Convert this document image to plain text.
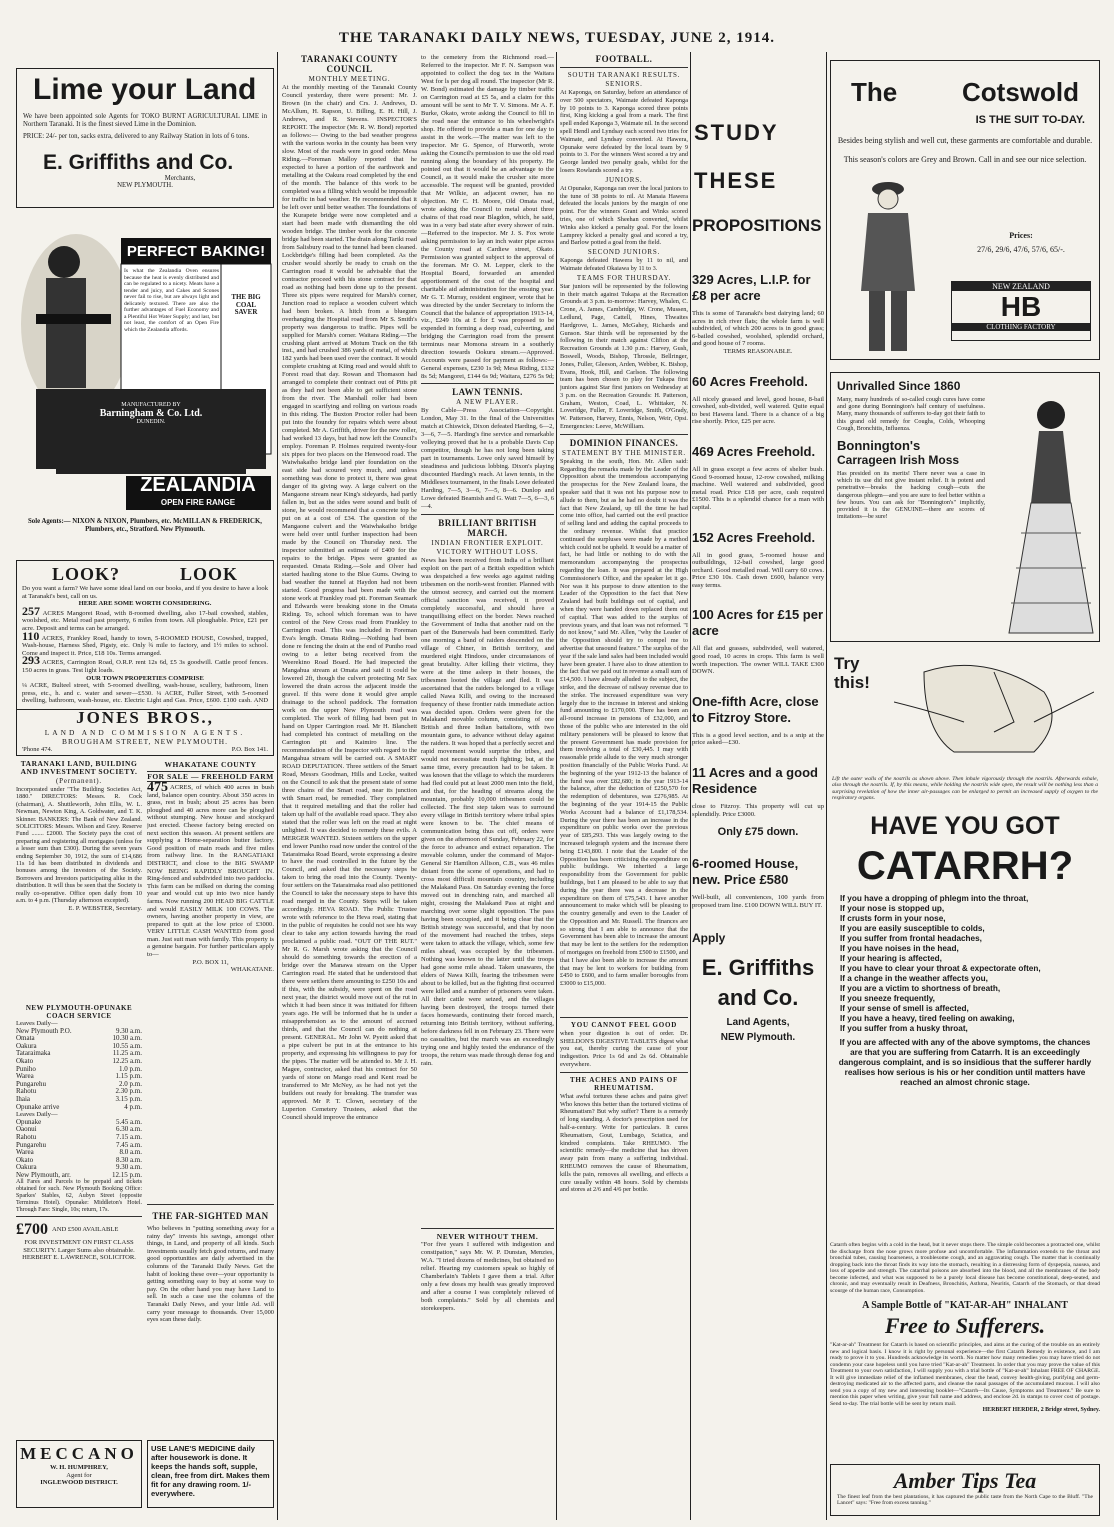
THE TARANAKI DAILY NEWS, TUESDAY, JUNE 2, 1914.
Lime your Land
We have been appointed sole Agents for TOKO BURNT AGRICULTURAL LIME in Northern Taranaki. It is the finest sieved Lime in the Dominion.
PRICE: 24/- per ton, sacks extra, delivered to any Railway Station in lots of 6 tons.
E. Griffiths and Co.
Merchants,
NEW PLYMOUTH.
PERFECT BAKING!
Is what the Zealandia Oven ensures because the heat is evenly distributed and can be regulated to a nicety. Meats have a tender and juicy, and Cakes and Scones never fail to rise, but are always light and delicately textured. There are also the further advantages of Fuel Economy and a Plentiful Hot Water Supply; and last, but not least, the comfort of an Open Fire which the Zealandia affords.
THE BIG COAL SAVER
MANUFACTURED BY
Barningham & Co. Ltd.
DUNEDIN.
ZEALANDIA
OPEN FIRE RANGE
Sole Agents:— NIXON & NIXON, Plumbers, etc. McMILLAN & FREDERICK, Plumbers, etc., Stratford. New Plymouth.
LOOK?	LOOK
Do you want a farm? We have some ideal land on our books, and if you desire to have a look at Taranaki's best, call on us.
HERE ARE SOME WORTH CONSIDERING.
257 ACRES Mangorei Road, with 8-roomed dwelling, also 17-bail cowshed, stables, woolshed, etc. Metal road past property, 6 miles from town. All ploughable. Price, £21 per acre. Deposit and terms can be arranged.
110 ACRES, Frankley Road, handy to town, 5-ROOMED HOUSE, Cowshed, trapped, Wash-house, Harness Shed, Pigsty, etc. Only ¾ mile to factory, and 1½ miles to school. Come and inspect it. Price, £18 10s. Terms arranged.
293 ACRES, Carrington Road, O.R.P. rent 12s 6d, £5 3s goodwill. Cattle proof fences. 150 acres in grass. Test light loads.
OUR TOWN PROPERTIES COMPRISE
¼ ACRE, Bulteel street, with 5-roomed dwelling, wash-house, scullery, bathroom, linen press, etc., h. and c. water and sewer—£530. ¼ ACRE, Fuller Street, with 5-roomed dwelling, bathroom, wash-house, etc. Electric Light and Gas. Price, £600. £100 cash. AND
JONES BROS.,
LAND AND COMMISSION AGENTS.
BROUGHAM STREET, NEW PLYMOUTH.
'Phone 474.	P.O. Box 141.
TARANAKI LAND, BUILDING AND INVESTMENT SOCIETY.
(Permanent).
Incorporated under "The Building Societies Act, 1880." DIRECTORS: Messrs. R. Cock (chairman), A. Shuttleworth, John Ellis, W. L. Newman, Newton King, A. Goldwater, and T. K. Skinner. BANKERS: The Bank of New Zealand. SOLICITORS: Messrs. Wilson and Grey. Reserve Fund ........ £2000. The Society pays the cost of preparing and registering all mortgages (unless for a lesser sum than £300). During the seven years ending September 30, 1912, the sum of £14,686 11s 1d has been distributed in dividends and bonuses among the investors of the Society. Borrowers and Investors participating alike in the distribution. It will thus be seen that the Society is really co-operative. Office open daily from 10 a.m. to 4 p.m. (Thursday afternoon excepted).
E. P. WEBSTER, Secretary.
NEW PLYMOUTH-OPUNAKE COACH SERVICE
Leaves Daily—
New Plymouth P.O.	9.30 a.m.
Omata	10.30 a.m.
Oakura	10.55 a.m.
Tataraimaka	11.25 a.m.
Okato	12.25 a.m.
Puniho	1.0 p.m.
Warea	1.15 p.m.
Pungarehu	2.0 p.m.
Rahotu	2.30 p.m.
Ihaia	3.15 p.m.
Opunake arrive	4 p.m.
Leaves Daily—
Opunake	5.45 a.m.
Oaonui	6.30 a.m.
Rahotu	7.15 a.m.
Pungarehu	7.45 a.m.
Warea	8.0 a.m.
Okato	8.30 a.m.
Oakura	9.30 a.m.
New Plymouth, arr.	12.15 p.m.
All Fares and Parcels to be prepaid and tickets obtained for such. New Plymouth Booking Office: Sparkes' Stables, 62, Aubyn Street (opposite Terminus Hotel). Opunake: Middleton's Hotel. Through Fare: Single, 10s; return, 17s.
£700 AND £500 AVAILABLE
FOR INVESTMENT ON FIRST CLASS SECURITY. Larger Sums also obtainable. HERBERT E. LAWRENCE, SOLICITOR.
MECCANO
W. H. HUMPHREY,
Agent for
INGLEWOOD DISTRICT.
WHAKATANE COUNTY
FOR SALE — FREEHOLD FARM
475 ACRES, of which 400 acres in bush land, balance open country. About 350 acres in grass, rest in bush; about 25 acres has been ploughed and 40 acres more can be ploughed without stumping. New house and stockyard just erected. Cheese factory being erected on next section this season. At present settlers are supplying a Home-separation butter factory. Good position of main roads and five miles from railway line. In the RANGATIAKI DISTRICT, and close to the BIG SWAMP NOW BEING RAPIDLY BROUGHT IN. Ring-fenced and subdivided into two paddocks. This farm can be milked on during the coming year and would cut up into two nice handy farms. Now running 200 HEAD BIG CATTLE and would EASILY MILK 100 COWS. The owners, having another property in view, are prepared to quit at the low price of £3000. VERY LITTLE CASH WANTED from good man. Just suit man with family. This property is a genuine bargain. For further particulars apply to—
P.O. BOX 11,
WHAKATANE.
THE FAR-SIGHTED MAN
Who believes in "putting something away for a rainy day" invests his savings, amongst other things, in Land, and property of all kinds. Such investments usually fetch good returns, and many good opportunities are daily advertised in the columns of the Taranaki Daily News. Get the habit of looking these over—your opportunity is getting something easy to buy at some way to pay. On the other hand you may have Land to sell. In such a case use the columns of the Taranaki Daily News, and your little Ad. will carry your message to thousands. Over 15,000 eyes scan these daily.
USE LANE'S MEDICINE daily after housework is done. It keeps the hands soft, supple, clean, free from dirt. Makes them fit for any drawing room. 1/- everywhere.
TARANAKI COUNTY COUNCIL
MONTHLY MEETING.
At the monthly meeting of the Taranaki County Council yesterday, there were present: Mr. J. Brown (in the chair) and Crs. J. Andrews, D. McAllum, H. Rapson, U. Billing, E. H. Hill, J. Andrews, and R. Stevens. INSPECTOR'S REPORT. The inspector (Mr. R. W. Bond) reported as follows:— Owing to the bad weather progress with the various works in the county has been very slow. Most of the roads were in good order. Mesa Riding.—Foreman Malloy reported that he expected to have a portion of the earthwork and metalling at the Oakura road completed by the end of the month. The balance of this work to be completed was a filling which would be impossible for traffic in bad weather. He recommended that it be left over until better weather. The foundations of the Kurapete bridge were now completed and a start had been made with dismantling the old wooden bridge. The timber work for the concrete bridge had been started. The drain along Tariki road from Salisbury road to the tunnel had been cleaned. Lockbridge's filling had been completed. As the crusher would shortly be ready to crush on the Carrington road it would be advisable that the contractor proceed with his stone contract for that road as nothing had been done up to the present. Three six pipes were required for Marsh's corner, Junction road to replace a wooden culvert which had been broken. A hitch from a bluegum overhanging the Hospital road from Mr S. Smith's property was dangerous to traffic. Pipes will be supplied for Marsh's corner. Waitara Riding.—The crushing plant arrived at Motum Track on the 6th inst., and had crushed 386 yards of metal, of which 182 yards had been used over the contract. It would complete crushing at Kiing road and would shift to Forest road that day. Rowan and Thomason had arranged to complete their contract out of Pitts pit as they had not been able to get sufficient stone from the river. The Marshall roller had been engaged in scarifying and rolling on various roads in this riding. The Buxton Proctor roller had been put into the foundry for repairs which were about completed. Mr A. Griffith, driver for the new roller, had worked 13 days, but had now left the Council's employ. Foreman P. Holmes required twenty-four six pipes for two places on the Henwood road. The Waiwhakaiho bridge land pier foundation on the east side had scoured very much, and unless something was done to protect it, there was great danger of its giving way. A large culvert on the Mangaone stream near King's sideyards, had partly fallen in, but as the sides were sound and built of stone, he would recommend that a concrete top be put on at a cost of £34. The question of the Mangaone culvert and the Waiwhakaiho bridge were held over until further inspection had been made by the Council on Thursday next. The inspector submitted an estimate of £400 for the repairs to the bridge. Pipes were granted as requested. Omata Riding.—Sole and Olver had started hauling stone to the Blue Gums. Owing to bad weather the tunnel at Haydon had not been started. Good progress had been made with the stone work at Frankley road pit. Foreman Seamark and Edwards were breaking stone in the Omata Riding. To, school which foreman was to have control of the New Cross road from Frankley to Carrington road. This was included in Foreman Eva's length. Omata Riding.—Nothing had been done re fencing the drain at the end of Puniho road owing to a letter being received from the Weerekino Road Board. He had inspected the Mangahua stream at Omata and said it could be lowered 2ft, though the culvert protecting Mr Sax lowered the drain across the adjacent inside the gravel. If this were done it would give ample drainage to the school paddock. The formation work on the upper New Plymouth road was completed. The work of filling had been put in hand on Upper Carrington road. Mr H. Blanchett had completed his contract of metalling on the Carrington pit and Kaimiro line. The recommendation of the Inspector with regard to the Mangahua stream will be carried out. A SMART ROAD DEPUTATION. Three settlers of the Smart Road, Messrs Goodman, Hills and Locke, waited on the Council to ask that the present state of some three chains of the Smart road, near its junction with Smart road, be remedied. They complained that it required metalling and that the roller had taken up half of the available road space. They also stated that the roller was left on the road at night unlighted. It was decided to remedy these evils. A MERGER WANTED. Sixteen settlers on the upper end lower Puniho road now under the control of the Tataraimaka Road Board, wrote expressing a desire to have the road controlled in the future by the Council, and asked that the necessary steps be taken to bring the road into the County. Twenty-four settlers on the Tataraimaka road also petitioned the Council to take the necessary steps to have this road merged in the County. Steps will be taken accordingly. HEVA ROAD. The Public Trustee wrote with reference to the Heva road, stating that in the public of requisites he could not see his way clear to take any action towards having the road proclaimed a public road. "OUT OF THE RUT." Mr R. G. Marsh wrote asking that the Council should do something towards the erection of a bridge over the Manawa stream on the Upper Carrington road. He stated that he understood that there were settlers there amounting to £250 10s and if this, with the subsidy, were spent on the road next year, the district would move out of the rut in which it had been since it was initiated for fifteen years ago. He will be informed that he is under a misapprehension as to the amount of accrued thirds, and that the Council can do nothing at present. GENERAL. Mr John W. Pyeitt asked that a pipe culvert be put in at the entrance to his property, and expressing his willingness to pay for the pipes. The matter will be attended to. Mr J. H. Magee, contractor, asked that his contract for 50 yards of stone on Mango road and Kent road be transferred to Mr McNey, as he had not yet the builders out ready for breaking. The transfer was approved. Mr P. T. Clown, secretary of the Luperton Cemetery Trustees, asked that the Council should improve the entrance
to the cemetery from the Richmond road.—Referred to the inspector. Mr F. N. Sampson was appointed to collect the dog tax in the Waitara West for ls per dog all round. The inspector (Mr R. W. Bond) estimated the damage by timber traffic on Carrington road at £5 5s, and a claim for this amount will be sent to Mr T. V. Simons. Mr A. F. Burke, Okato, wrote asking the Council to fill in the road near the entrance to his wheelwright's shop. He offered to provide a man for one day to assist in the work.—The matter was left to the inspector. Mr G. Spence, of Hurworth, wrote asking the Council's permission to use the old road running along the boundary of his property. He pointed out that it would be an advantage to the Council, as it would make the crusher site more accessible. The request will be granted, provided that Mr Wilkie, an adjacent owner, has no objection. Mr C. H. Moore, Old Omata road, wrote asking the Council to metal about three chains of that road near Blagdon, which, he said, was in a very bad state after every shower of rain.—Referred to the inspector. Mr J. S. Fox wrote asking permission to lay an inch water pipe across the County road at Cardiew street, Okato. Permission was granted subject to the approval of the foreman. Mr O. M. Lepper, clerk to the Hospital Board, forwarded an amended apportionment of the cost of the hospital and charitable aid administration for the ensuing year. Mr G. T. Murray, resident engineer, wrote that he was directed by the under Secretary to inform the Council that the balance of appropriation 1913-14, viz., £249 10s at £ for £ was proposed to be expended in forming a deep road, culverting, and bridging the Carrington road from the present terminus near Momona stream in a southerly direction towards Ookuru stream.—Approved. Accounts were passed for payment as follows:—General expenses, £230 1s 9d; Mesa Riding, £132 8s 5d; Mangorei, £144 6s 9d; Waitara, £276 5s 9d;
LAWN TENNIS.
A NEW PLAYER.
By Cable—Press Association—Copyright. London, May 31. In the final of the Universities match at Chiswick, Dixon defeated Harding, 6—2, 3—6, 7—5. Harding's fine service and remarkable volleying proved that he is a probable Davis Cup competitor, though he has not long been taking part in tournaments. Lowe only saved himself by steadiness and judicious lobbing. Dixon's playing discounted Harding's reach. At lawn tennis, in the Middlesex tournament, in the finals Lowe defeated Harding, 7—5, 3—6, 7—5, 8—6. Dunlop and Lowe defeated Beamish and G. Watt 7—5, 6—3, 6—4.
BRILLIANT BRITISH MARCH.
INDIAN FRONTIER EXPLOIT.
VICTORY WITHOUT LOSS.
News has been received from India of a brilliant exploit on the part of a British expedition which was despatched a few weeks ago against raiding tribesmen on the north-west frontier. Planned with the utmost secrecy, and carried out the moment official sanction was received, it proved completely successful, and should have a tranquillising effect on the border. News reached the Government of India that another raid on the part of the Bunerwals had been committed. Early one morning a band of raiders descended on the village of Chiner, in British territory, and murdered eight Hindoos, under circumstances of great brutality. After killing their victims, they were at the time asleep in their houses, the tribesmen looted the village and fled. It was ascertained that the raiders belonged to a village called Nawa Killi, and owing to the increased frequency of these frontier raids immediate action was decided upon. Orders were given for the Malakand movable column, consisting of one British and three Indian battalions, with two mountain guns, to advance without delay against the raiders. It was hoped that a perfectly secret and rapid movement would surprise the tribes, and would not necessitate much fighting; but, at the same time, every precaution had to be taken. It was known that the village to which the murderers had fled could put at least 2000 men into the field, and that, for the heading of streams along the mountain, probably 10,000 tribesmen could be collected. The first step taken was to surround every village in British territory where tribal spies were known to be. The chief means of communication being thus cut off, orders were given on the afternoon of Sunday, February 22, for the force to advance and extract reparation. The movable column, under the command of Major-General Sir Hamilton Allison, C.B., was 46 miles distant from the scene of operations, and had to cross most difficult mountain country, including the Malakand Pass. On Saturday evening the force moved out in drenching rain, and marched all night, crossing the Malakand Pass at night and marching over some slight opposition. The pass having been occupied, and it being clear that the British strategy was successful, and that by noon of the movement had reached the tribes, steps were taken to attack the village, which, some few miles ahead, was occupied by the tribesmen. Nothing was known to the latter until the troops had gone some mile ahead. Taken unawares, the elders of Nawa Killi, fearing the tribesmen were about to be killed, but as the fighting first occurred were killed and a number of prisoners were taken. All their cattle were seized, and the villages having been destroyed, the troops turned their faces homewards, continuing their forced march, returning into British territory, without suffering, before darkness fell in on February 23. There were no casualties, but the march was an exceedingly trying one and highly tested the endurance of the troops, the return was made through dense fog and rain.
NEVER WITHOUT THEM.
"For five years I suffered with indigestion and constipation," says Mr. W. P. Dunstan, Menzies, W.A. "I tried dozens of medicines, but obtained no relief. Hearing my customers speak so highly of Chamberlain's Tablets I gave them a trial. After only a few doses my health was greatly improved and after a course I was completely relieved of both complaints." Sold by all chemists and storekeepers.
FOOTBALL.
SOUTH TARANAKI RESULTS.
SENIORS.
At Kaponga, on Saturday, before an attendance of over 500 spectators, Waimate defeated Kaponga by 10 points to 3. Kaponga scored three points first, King kicking a goal from a mark. The first spell ended Kaponga 3, Waimate nil. In the second spell Hendl and Lyndsay each scored two tries for Waimate, and Lyndsay converted. At Hawera, Opunake were defeated by the local team by 9 points to 3. For the winners West scored a try and George landed two penalty goals, whilst for the losers Rowlands scored a try.
JUNIORS.
At Opunake, Kaponga ran over the local juniors to the tune of 38 points to nil. At Manaia Hawera defeated the locals juniors by the margin of one point. For the winners Grant and Winks scored tries, one of which Sheehan converted, whilst Winks also kicked a penalty goal. For the losers Lamprey kicked a penalty goal and scored a try, and Barlow potted a goal from the field.
SECOND JUNIORS.
Kaponga defeated Hawera by 11 to nil, and Waimate defeated Okaiawa by 11 to 3.
TEAMS FOR THURSDAY.
Star juniors will be represented by the following in their match against Tukapa at the Recreation Grounds at 3 p.m. to-morrow: Harvey, Whalen, C. Crone, A. James, Cambridge, W. Crone, Mussen, Ledlund, Page, Cattell, Hines, Thwaites Hardgrove, L. James, McGahey, Richards and Gunson. Star thirds will be represented by the following in their match against Clifton at the Recreation Grounds at 1.30 p.m.: Harvey, Gush, Boswell, Woods, Bishop, Throssle, Bellringer, Jones, Fuller, Gleeson, Arden, Webber, K. Bishop, Evans, Hook, Hill, and Carlson. The following team has been chosen to play for Tukapa first juniors against Star first juniors on Wednesday at 3 p.m. on the Recreation Grounds: H. Patterson, Graham, Weston, Coad, L. Whittaker, N. Loveridge, Fuller, F. Loveridge, Smith, O'Grady, W. Patterson, Harvey, Ennis, Nelson, Weir, Opsi. Emergencies: Leeve, McWilliam.
DOMINION FINANCES.
STATEMENT BY THE MINISTER.
Speaking in the south, Hon. Mr. Allen said: Regarding the remarks made by the Leader of the Opposition about the tremendous accompanying the prospectus for the New Zealand loans, the speaker said that it was not his purpose now to allude to them, but as he had no doubt it was the fact that New Zealand, up till the time he had come into office, had carried out the evil practice of selling land and adding the capital proceeds to the ordinary revenue. Whilst that practice continued the surpluses were made by a method which could not be upheld. It would be a matter of fact, he had little or nothing to do with the memorandum accompanying the prospectus regarding the loan. It was prepared at the High Commissioner's Office, and the speaker let it go. Nor was it his purpose to draw attention to the Leader of the Opposition to the fact that New Zealand had built buildings out of capital, and when they were handed down replaced them out of capital. That was added to the surplus of previous years, and that loan was not reformed. "I do not know," said Mr. Allen, "why the Leader of the Opposition should try to compel me to advertise that unsound feature." The surplus of the year if the sale land sales had been included would have been greater. I have also to draw attention to the fact that we paid out in revenue a small sum of £14,500. I have already alluded to the subject, the strike, and the decrease of railway revenue due to the strike. The increased expenditure was very largely due to the increase in interest and sinking fund amounting to £170,000. There has been an all-round increase in pensions of £32,000, and those of the public who are interested in the old military pensioners will be pleased to know that the present Government has made provision for them involving a total of £30,445. I may with reasonable pride allude to the very much stronger position financially of the Public Works Fund. At the beginning of the year 1912-13 the balance of the fund was over £82,680; in the year 1913-14 the balance, after the deduction of £250,570 for the redemption of debentures, was £276,985. At the beginning of the year 1914-15 the Public Works Account had a balance of £1,178,534. During the year there has been an increase in the expenditure on public works over the previous year of £85,293. This was largely owing to the increased telegraph system and the increase there being £143,800. I note that the Leader of the Opposition has been criticising the expenditure on public buildings. We inherited a large responsibility from the Government for public buildings, but I am pleased to be able to say that during the year there was a decrease in the expenditure on them of £75,543. I have another announcement to make which will be pleasing to the country generally and even to the Leader of the Opposition and Mr. Russell. The finances are so strong that I am able to announce that the Government has been able to increase the amount that may be lent to the settlers for the redemption of mortgages on freehold from £500 to £1500, and that I have also been able to increase the amount that may be lent to workers for building from £450 to £600, and to farm smaller boroughs from £3000 to £15,000.
YOU CANNOT FEEL GOOD
when your digestion is out of order. Dr. SHELDON'S DIGESTIVE TABLETS digest what you eat, thereby curing the cause of your indigestion. Price 1s 6d and 2s 6d. Obtainable everywhere.
THE ACHES AND PAINS OF RHEUMATISM.
What awful tortures these aches and pains give! Who knows this better than the tortured victims of Rheumatism? But why suffer? There is a remedy of long standing. A doctor's prescription used for half-a-century. Write for particulars. It cures Rheumatism, Gout, Lumbago, Sciatica, and kindred complaints. Take RHEUMO. The scientific remedy—the medicine that has driven away pain from many a suffering individual. RHEUMO removes the cause of Rheumatism, kills the pain, removes all swelling, and effects a cure usually within 48 hours. Sold by chemists and stores at 2/6 and 4/6 per bottle.
STUDY
THESE
PROPOSITIONS
329 Acres, L.I.P. for £8 per acre
This is some of Taranaki's best dairying land; 60 acres in rich river flats; the whole farm is well subdivided, of which 200 acres is in good grass; 6-bailed cowshed, woolshed, splendid orchard, and good house of 7 rooms.
TERMS REASONABLE.
60 Acres Freehold.
All nicely grassed and level, good house, 8-bail cowshed, sub-divided, well watered. Quite equal to best Hawera land. There is a chance of a big rise shortly. Price, £25 per acre.
469 Acres Freehold.
All in grass except a few acres of shelter bush. Good 9-roomed house, 12-row cowshed, milking machine. Well watered and subdivided, good metal road. Price £18 per acre, cash required £1500. This is a splendid chance for a man with capital.
152 Acres Freehold.
All in good grass, 5-roomed house and outbuildings, 12-bail cowshed, large good orchard. Good metalled road. Will carry 60 cows. Price £30 10s. Cash down £600, balance very easy terms.
100 Acres for £15 per acre
All flat and grasses, subdivided, well watered, good road, 10 acres in crops. This farm is well worth inspection. The owner WILL TAKE £300 DOWN.
One-fifth Acre, close to Fitzroy Store.
This is a good level section, and is a snip at the price asked—£30.
11 Acres and a good Residence
close to Fitzroy. This property will cut up splendidly. Price £3000.
Only £75 down.
6-roomed House, new. Price £580
Well-built, all conveniences, 100 yards from proposed tram line. £100 DOWN WILL BUY IT.
Apply
E. Griffiths
and Co.
Land Agents,
NEW Plymouth.
The Cotswold
IS THE SUIT TO-DAY.
Besides being stylish and well cut, these garments are comfortable and durable.
This season's colors are Grey and Brown. Call in and see our nice selection.
Prices:
27/6, 29/6, 47/6, 57/6, 65/-.
NEW ZEALAND
HB
CLOTHING FACTORY
Unrivalled Since 1860
Many, many hundreds of so-called cough cures have come and gone during Bonnington's half century of usefulness. Many, many thousands of sufferers to-day got their faith to this grand old remedy for Coughs, Colds, Whooping Cough, Bronchitis, Influenza.
Bonnington's
Carrageen Irish Moss
Has presided on its merits! There never was a case in which its use did not give instant relief. It is potent and penetrative—breaks the hacking cough—cuts the dangerous phlegm—and you are sure to feel better within a few hours. You can ask for "Bonnington's" implicitly, provided it is the GENUINE—there are scores of imitations—be sure!
Try this!
Lift the outer walls of the nostrils as shown above. Then inhale vigorously through the nostrils. Afterwards exhale, also through the nostrils. If, by this means, while holding the nostrils wide open, the result will be nothing less than a surprising revelation of how the inner air-passages can be enlarged to permit an increased supply of oxygen to the respiratory organs.
HAVE YOU GOT
CATARRH?
If you have a dropping of phlegm into the throat,
If your nose is stopped up,
If crusts form in your nose,
If you are easily susceptible to colds,
If you suffer from frontal headaches,
If you have noises in the head,
If your hearing is affected,
If you have to clear your throat & expectorate often,
If a change in the weather affects you,
If you are a victim to shortness of breath,
If you sneeze frequently,
If your sense of smell is affected,
If you have a heavy, tired feeling on awaking,
If you suffer from a husky throat,
If you are affected with any of the above symptoms, the chances are that you are suffering from Catarrh. It is an exceedingly dangerous complaint, and is so insidious that the sufferer hardly realises how serious is his or her condition until matters have reached an almost chronic stage.
Catarrh often begins with a cold in the head, but it never stops there. The simple cold becomes a protracted one, whilst the discharge from the nose grows more profuse and uncomfortable. The inflammation extends to the throat and bronchial tubes, causing hoarseness, a troublesome cough, and an aggravating cough. The matter that is continually dropping back into the throat finds its way into the stomach, resulting in a distressing form of dyspepsia, nausea, and loss of appetite and strength. The catarrhal poisons are absorbed into the blood, and all the membranes of the body become infected, and what was supposed to be a purely local disease has become constitutional, deep-seated, and chronic, and may eventually result in Deafness, Bronchitis, Asthma, Neuritis, Catarrh of the Stomach, or that dread scourge of the human race, Consumption.
A Sample Bottle of "KAT-AR-AH" INHALANT
Free to Sufferers.
"Kat-ar-ah" Treatment for Catarrh is based on scientific principles, and aims at the curing of the trouble on an entirely new and logical basis. I know it is right by personal experience—the first Catarrh Remedy in existence, and I am ready to prove it to you. Hundreds acknowledge its worth. No matter how many remedies you may have tried do not condemn your case hopeless until you have tried "Kat-ar-ah" Treatment. In order that you may prove the value of this Treatment to your own satisfaction, I will supply you with a trial bottle of "Kat-ar-ah" Inhalant FREE OF CHARGE. It will give immediate relief of the inflamed membranes, clear the head, convey health-giving, purifying and germ-destroying medicated air to the affected parts, and cleanse the nasal passages of the accumulated mucous. I will also send you a copy of my new and interesting booklet—"Catarrh—Its Cause, Symptoms and Treatment." Be sure to mention this paper when writing, give your full name and address, and enclose 2d. in stamps to cover cost of postage. Send to-day. The trial bottle will be sent by return mail.
HERBERT HERDER, 2 Bridge street, Sydney.
Amber Tips Tea
The finest leaf from the best plantations, it has captured the public taste from the North Cape to the Bluff. "The Lancet" says: "Free from excess tanning."
